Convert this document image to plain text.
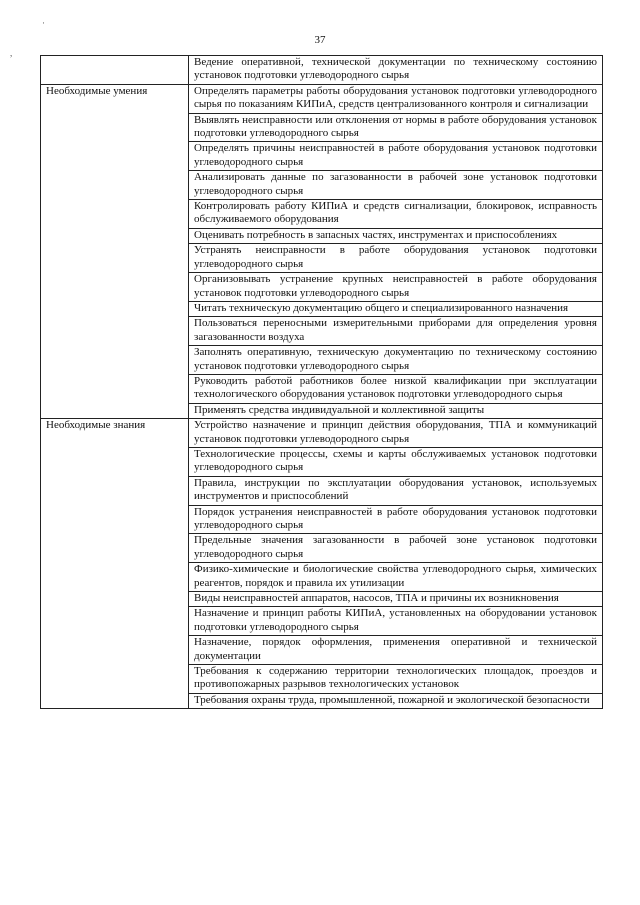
37
·
,
	Ведение оперативной, технической документации по техническому состоянию установок подготовки углеводородного сырья
Необходимые умения	Определять параметры работы оборудования установок подготовки углеводородного сырья по показаниям КИПиА, средств централизованного контроля и сигнализации
	Выявлять неисправности или отклонения от нормы в работе оборудования установок подготовки углеводородного сырья
	Определять причины неисправностей в работе оборудования установок подготовки углеводородного сырья
	Анализировать данные по загазованности в рабочей зоне установок подготовки углеводородного сырья
	Контролировать работу КИПиА и средств сигнализации, блокировок, исправность обслуживаемого оборудования
	Оценивать потребность в запасных частях, инструментах и приспособлениях
	Устранять неисправности в работе оборудования установок подготовки углеводородного сырья
	Организовывать устранение крупных неисправностей в работе оборудования установок подготовки углеводородного сырья
	Читать техническую документацию общего и специализированного назначения
	Пользоваться переносными измерительными приборами для определения уровня загазованности воздуха
	Заполнять оперативную, техническую документацию по техническому состоянию установок подготовки углеводородного сырья
	Руководить работой работников более низкой квалификации при эксплуатации технологического оборудования установок подготовки углеводородного сырья
	Применять средства индивидуальной и коллективной защиты
Необходимые знания	Устройство назначение и принцип действия оборудования, ТПА и коммуникаций установок подготовки углеводородного сырья
	Технологические процессы, схемы и карты обслуживаемых установок подготовки углеводородного сырья
	Правила, инструкции по эксплуатации оборудования установок, используемых инструментов и приспособлений
	Порядок устранения неисправностей в работе оборудования установок подготовки углеводородного сырья
	Предельные значения загазованности в рабочей зоне установок подготовки углеводородного сырья
	Физико-химические и биологические свойства углеводородного сырья, химических реагентов, порядок и правила их утилизации
	Виды неисправностей аппаратов, насосов, ТПА и причины их возникновения
	Назначение и принцип работы КИПиА, установленных на оборудовании установок подготовки углеводородного сырья
	Назначение, порядок оформления, применения оперативной и технической документации
	Требования к содержанию территории технологических площадок, проездов и противопожарных разрывов технологических установок
	Требования охраны труда, промышленной, пожарной и экологической безопасности
